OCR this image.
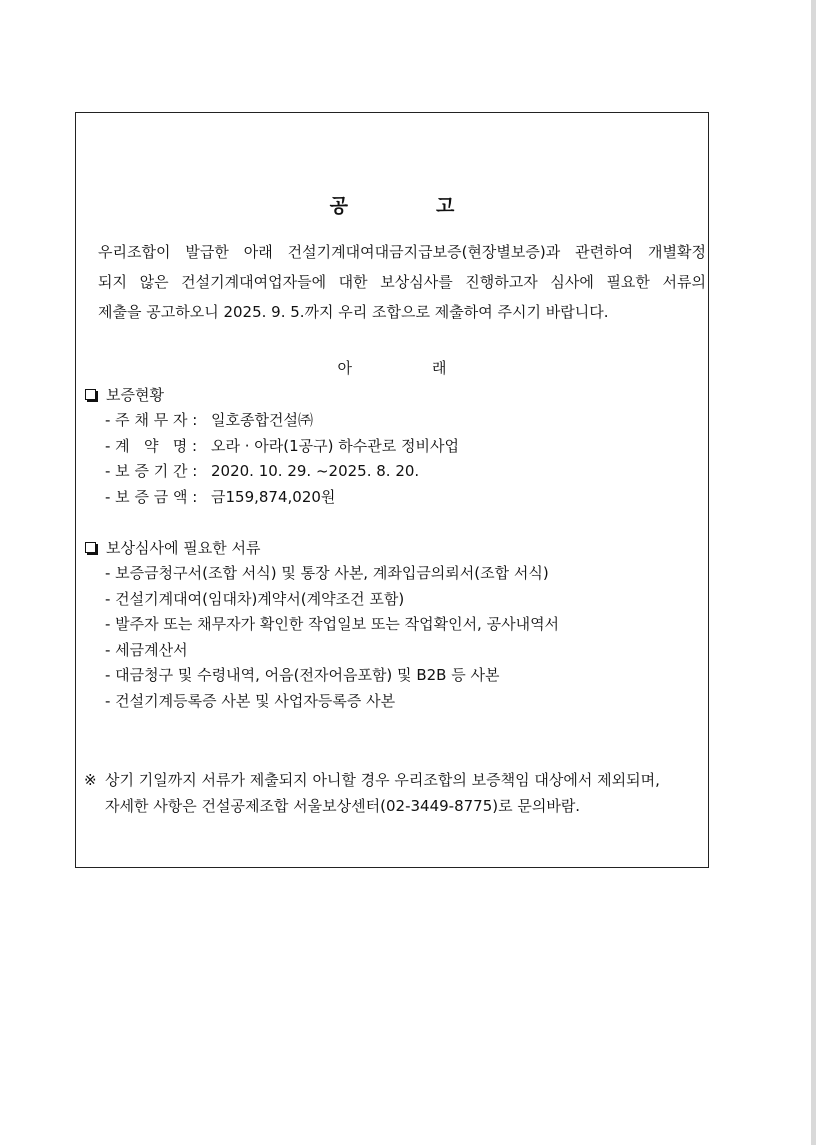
공	고
우리조합이 발급한 아래 건설기계대여대금지급보증(현장별보증)과 관련하여 개별확정
되지 않은 건설기계대여업자들에 대한 보상심사를 진행하고자 심사에 필요한 서류의
제출을 공고하오니 2025. 9. 5.까지 우리 조합으로 제출하여 주시기 바랍니다.
아	래
보증현황
- 주 채 무 자 : 일호종합건설㈜
- 계   약   명 : 오라 · 아라(1공구) 하수관로 정비사업
- 보 증 기 간 : 2020. 10. 29. ~2025. 8. 20.
- 보 증 금 액 : 금159,874,020원
보상심사에 필요한 서류
- 보증금청구서(조합 서식) 및 통장 사본, 계좌입금의뢰서(조합 서식)
- 건설기계대여(임대차)계약서(계약조건 포함)
- 발주자 또는 채무자가 확인한 작업일보 또는 작업확인서, 공사내역서
- 세금계산서
- 대금청구 및 수령내역, 어음(전자어음포함) 및 B2B 등 사본
- 건설기계등록증 사본 및 사업자등록증 사본
※ 상기 기일까지 서류가 제출되지 아니할 경우 우리조합의 보증책임 대상에서 제외되며,
자세한 사항은 건설공제조합 서울보상센터(02-3449-8775)로 문의바람.
